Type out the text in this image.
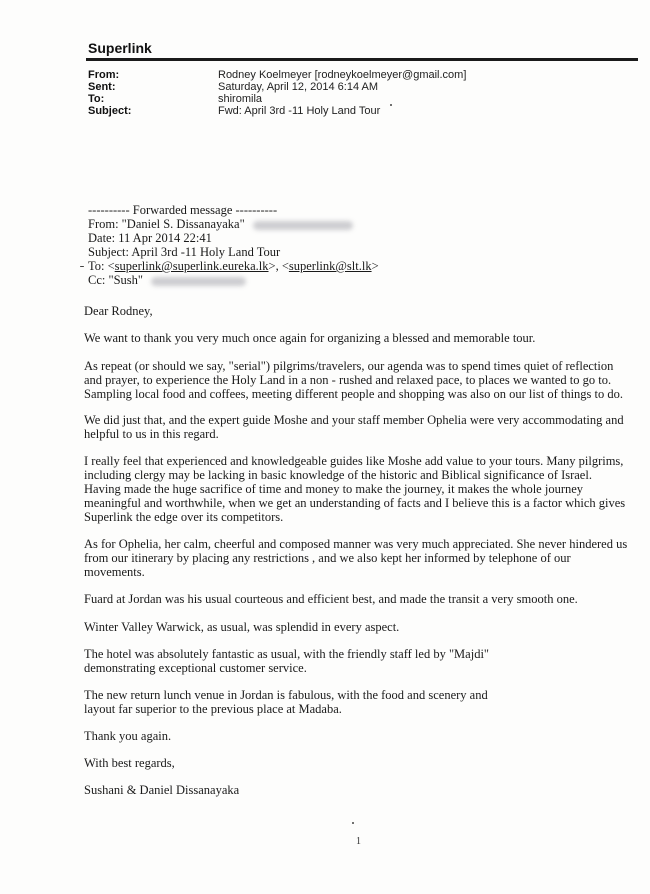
Superlink
From:	Rodney Koelmeyer [rodneykoelmeyer@gmail.com]
Sent:	Saturday, April 12, 2014 6:14 AM
To:	shiromila
Subject:	Fwd: April 3rd -11 Holy Land Tour
---------- Forwarded message ----------
From: "Daniel S. Dissanayaka"
Date: 11 Apr 2014 22:41
Subject: April 3rd -11 Holy Land Tour
To: <superlink@superlink.eureka.lk>, <superlink@slt.lk>
Cc: "Sush"
Dear Rodney,
We want to thank you very much once again for organizing a blessed and memorable tour.
As repeat (or should we say, "serial") pilgrims/travelers, our agenda was to spend times quiet of reflection
and prayer, to experience the Holy Land in a non - rushed and relaxed pace, to places we wanted to go to.
Sampling local food and coffees, meeting different people and shopping was also on our list of things to do.
We did just that, and the expert guide Moshe and your staff member Ophelia were very accommodating and
helpful to us in this regard.
I really feel that experienced and knowledgeable guides like Moshe add value to your tours. Many pilgrims,
including clergy may be lacking in basic knowledge of the historic and Biblical significance of Israel.
Having made the huge sacrifice of time and money to make the journey, it makes the whole journey
meaningful and worthwhile, when we get an understanding of facts and I believe this is a factor which gives
Superlink the edge over its competitors.
As for Ophelia, her calm, cheerful and composed manner was very much appreciated. She never hindered us
from our itinerary by placing any restrictions , and we also kept her informed by telephone of our
movements.
Fuard at Jordan was his usual courteous and efficient best, and made the transit a very smooth one.
Winter Valley Warwick, as usual, was splendid in every aspect.
The hotel was absolutely fantastic as usual, with the friendly staff led by "Majdi"
demonstrating exceptional customer service.
The new return lunch venue in Jordan is fabulous, with the food and scenery and
layout far superior to the previous place at Madaba.
Thank you again.
With best regards,
Sushani & Daniel Dissanayaka
1
